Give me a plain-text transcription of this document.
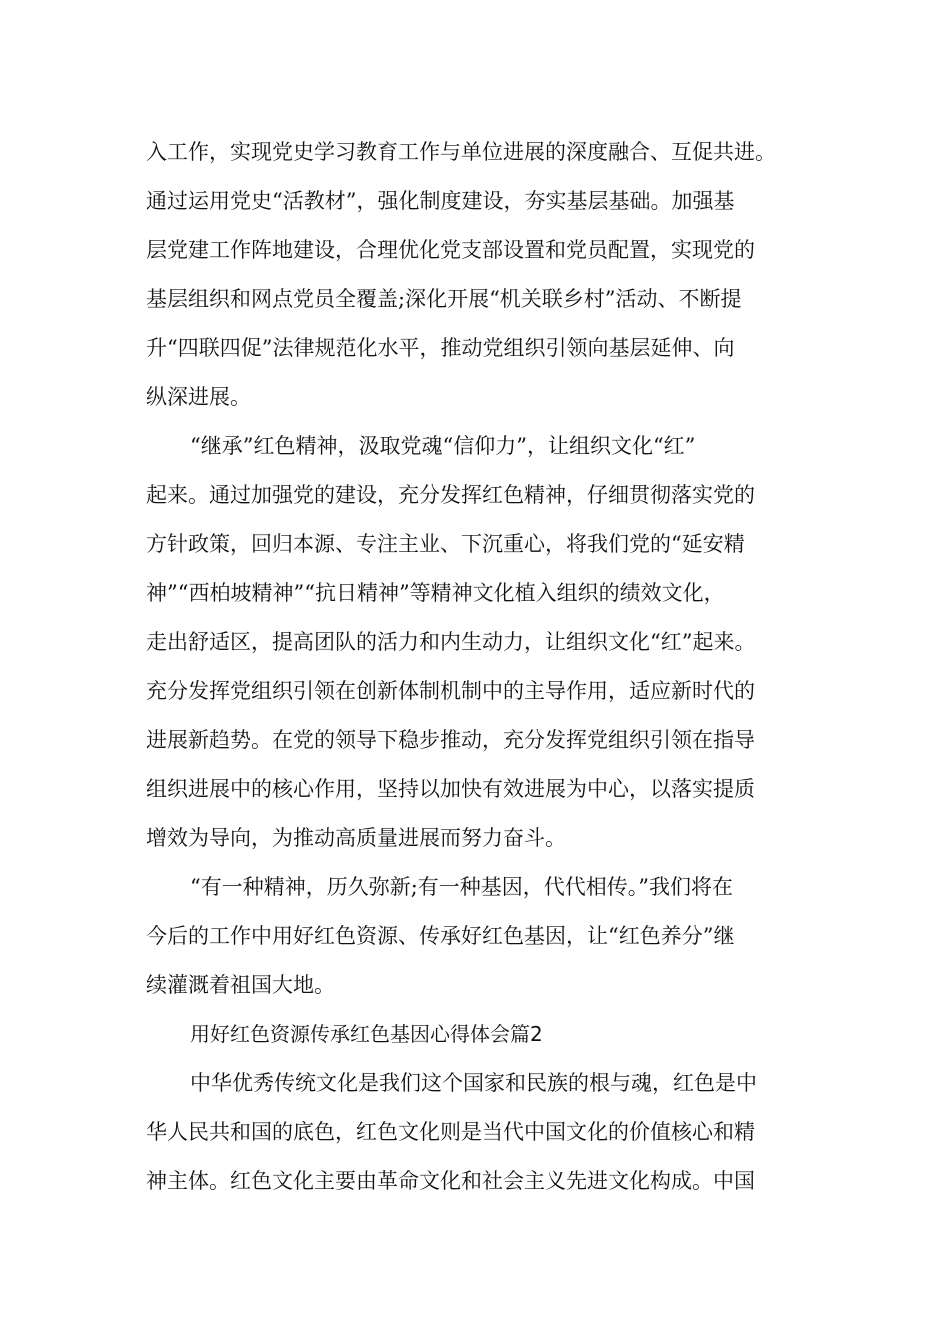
入工作，实现党史学习教育工作与单位进展的深度融合、互促共进。
通过运用党史“活教材”，强化制度建设，夯实基层基础。加强基
层党建工作阵地建设，合理优化党支部设置和党员配置，实现党的
基层组织和网点党员全覆盖;深化开展“机关联乡村”活动、不断提
升“四联四促”法律规范化水平，推动党组织引领向基层延伸、向
纵深进展。
“继承”红色精神，汲取党魂“信仰力”，让组织文化“红”
起来。通过加强党的建设，充分发挥红色精神，仔细贯彻落实党的
方针政策，回归本源、专注主业、下沉重心，将我们党的“延安精
神”“西柏坡精神”“抗日精神”等精神文化植入组织的绩效文化，
走出舒适区，提高团队的活力和内生动力，让组织文化“红”起来。
充分发挥党组织引领在创新体制机制中的主导作用，适应新时代的
进展新趋势。在党的领导下稳步推动，充分发挥党组织引领在指导
组织进展中的核心作用，坚持以加快有效进展为中心，以落实提质
增效为导向，为推动高质量进展而努力奋斗。
“有一种精神，历久弥新;有一种基因，代代相传。”我们将在
今后的工作中用好红色资源、传承好红色基因，让“红色养分”继
续灌溉着祖国大地。
用好红色资源传承红色基因心得体会篇2
中华优秀传统文化是我们这个国家和民族的根与魂，红色是中
华人民共和国的底色，红色文化则是当代中国文化的价值核心和精
神主体。红色文化主要由革命文化和社会主义先进文化构成。中国
